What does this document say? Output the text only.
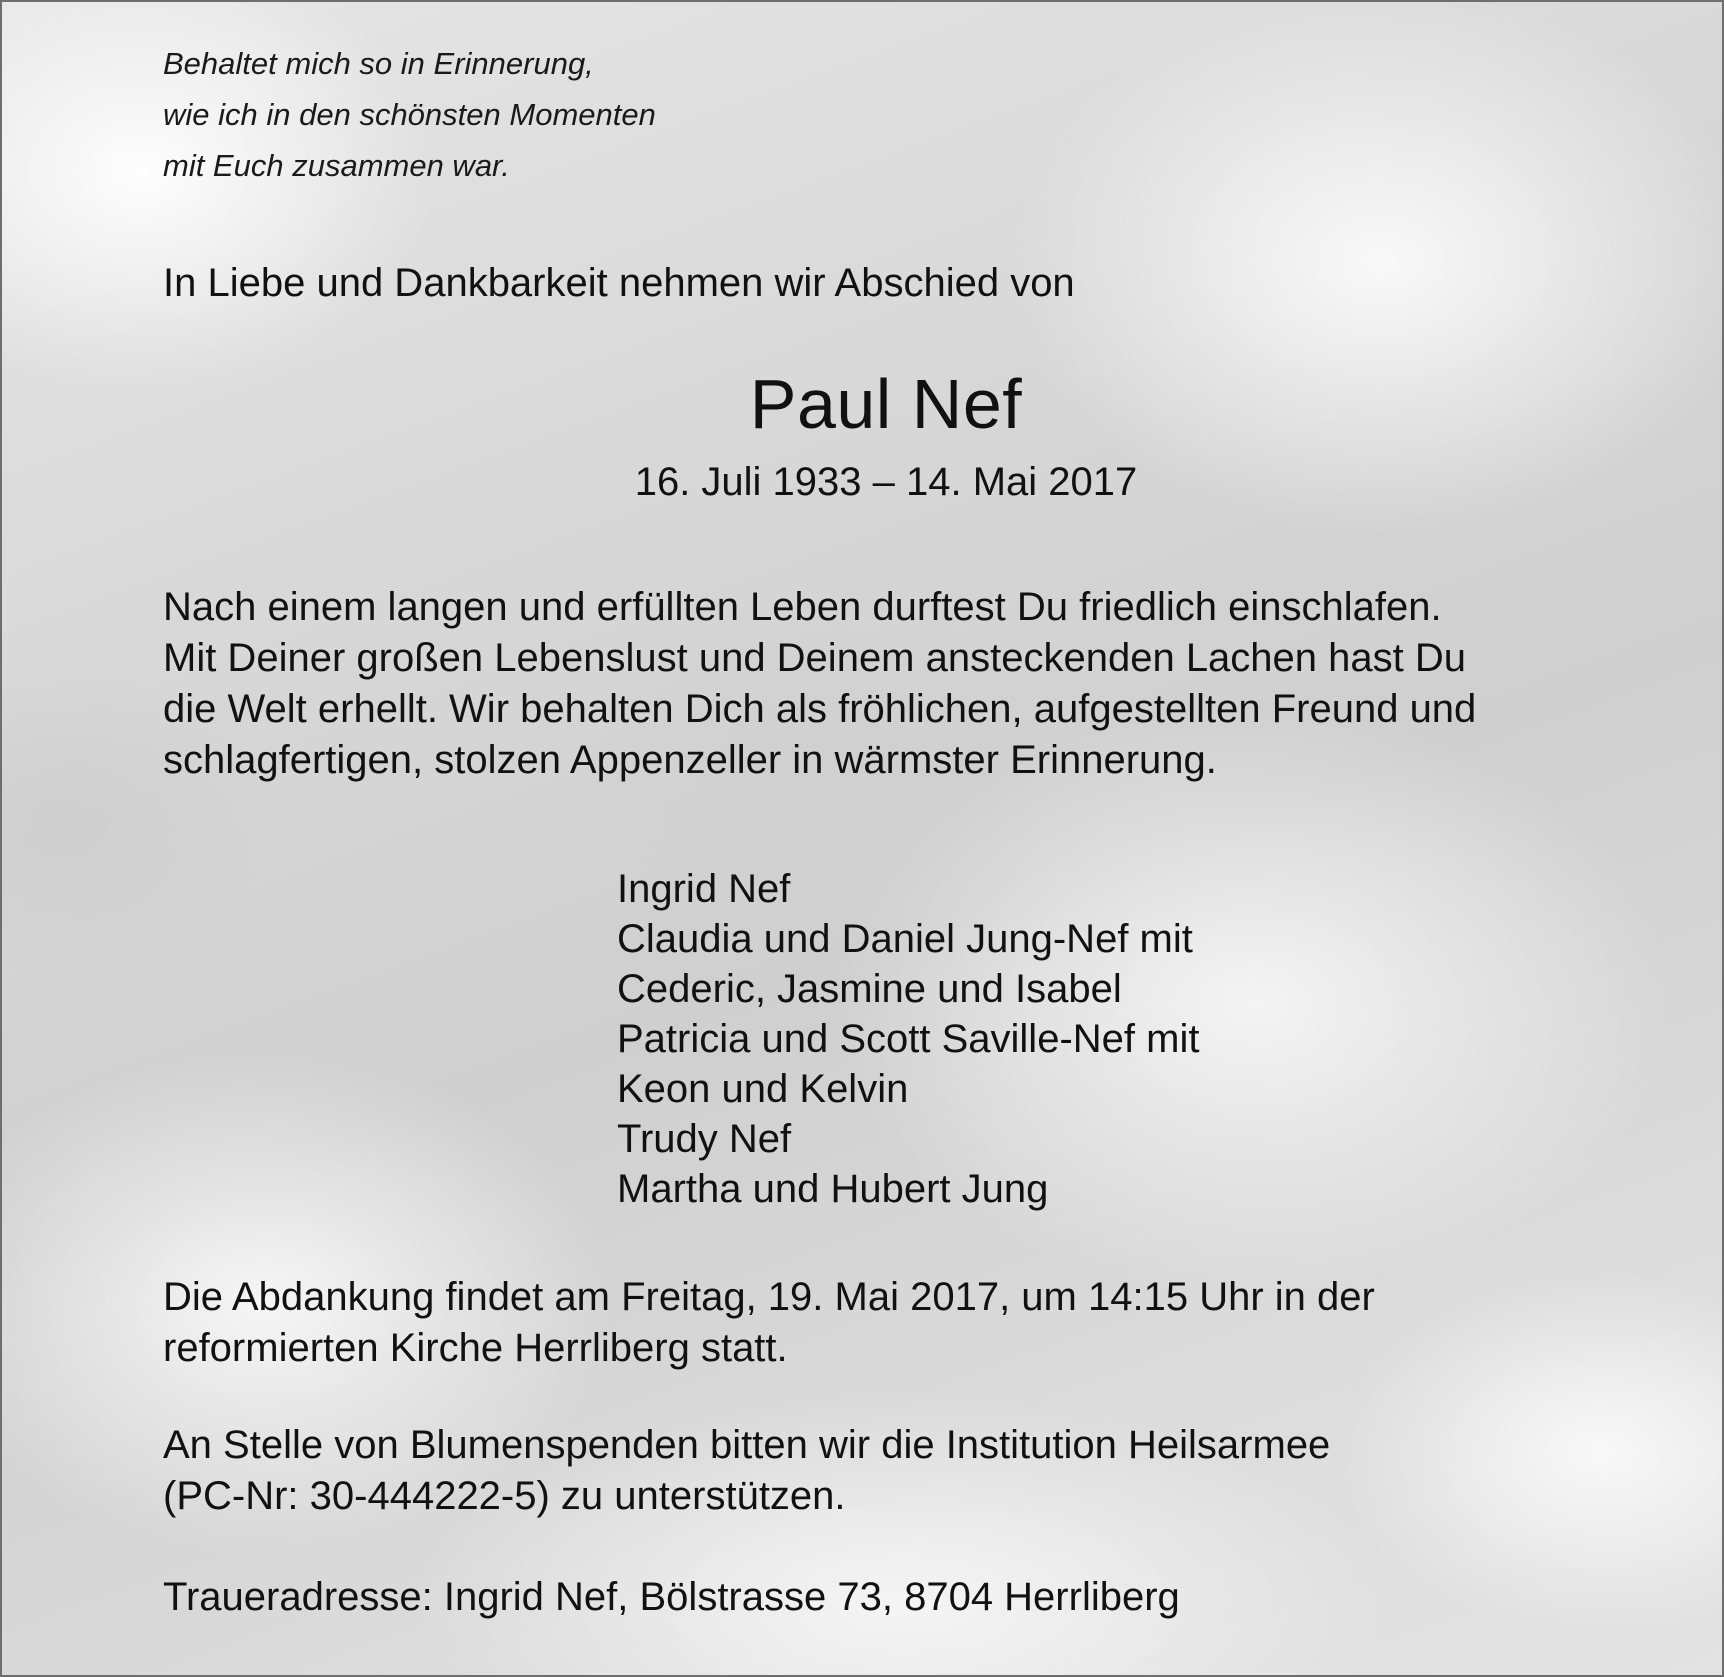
Behaltet mich so in Erinnerung,
wie ich in den schönsten Momenten
mit Euch zusammen war.
In Liebe und Dankbarkeit nehmen wir Abschied von
Paul Nef
16. Juli 1933 – 14. Mai 2017
Nach einem langen und erfüllten Leben durftest Du friedlich einschlafen.
Mit Deiner großen Lebenslust und Deinem ansteckenden Lachen hast Du
die Welt erhellt. Wir behalten Dich als fröhlichen, aufgestellten Freund und
schlagfertigen, stolzen Appenzeller in wärmster Erinnerung.
Ingrid Nef
Claudia und Daniel Jung-Nef mit
Cederic, Jasmine und Isabel
Patricia und Scott Saville-Nef mit
Keon und Kelvin
Trudy Nef
Martha und Hubert Jung
Die Abdankung findet am Freitag, 19. Mai 2017, um 14:15 Uhr in der
reformierten Kirche Herrliberg statt.
An Stelle von Blumenspenden bitten wir die Institution Heilsarmee
(PC-Nr: 30-444222-5) zu unterstützen.
Traueradresse: Ingrid Nef, Bölstrasse 73, 8704 Herrliberg
